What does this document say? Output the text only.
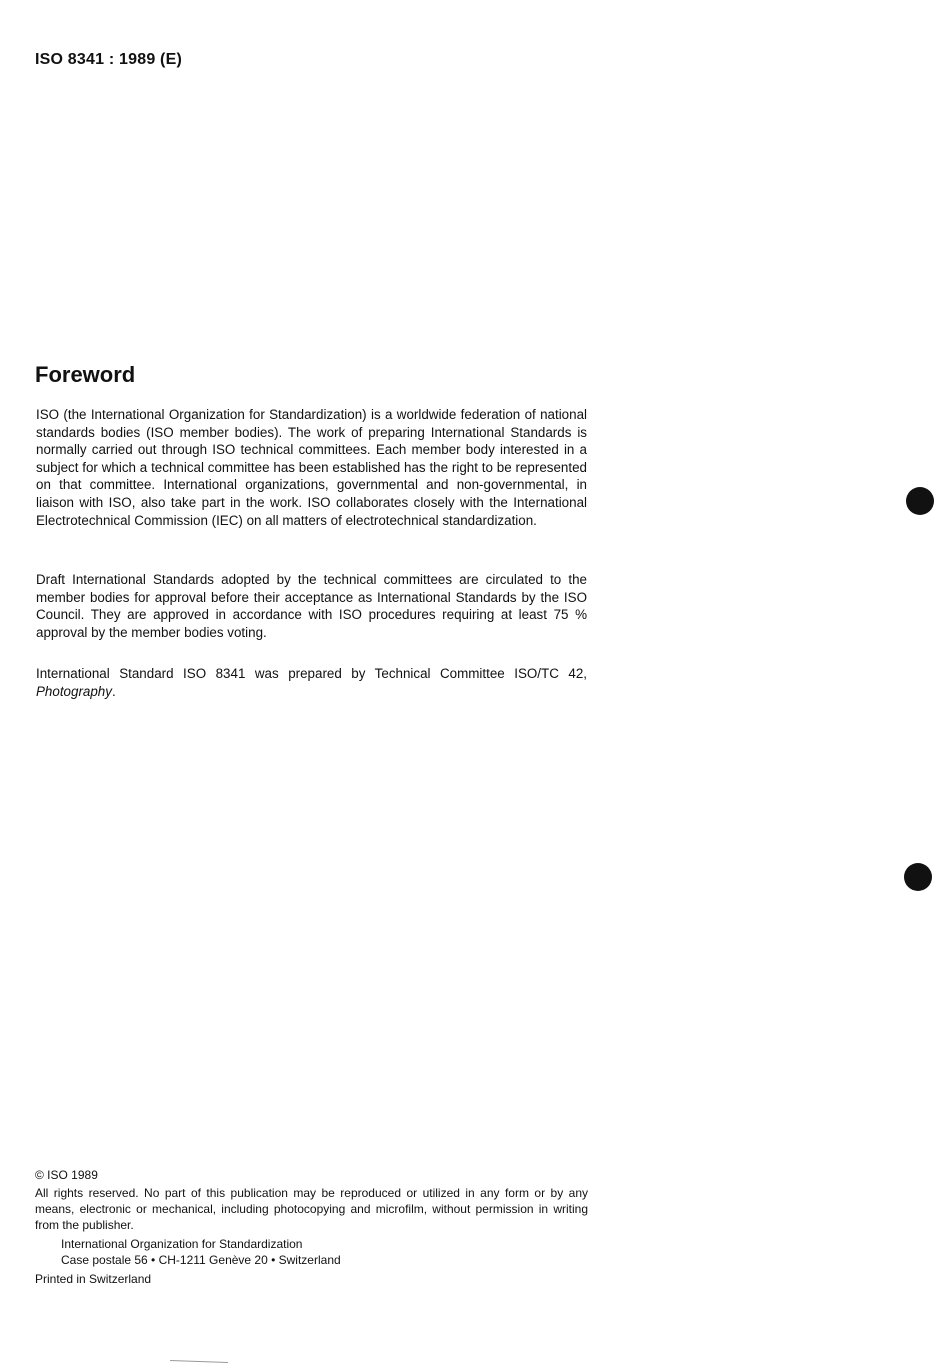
ISO 8341 : 1989 (E)
Foreword

ISO (the International Organization for Standardization) is a worldwide federation of national standards bodies (ISO member bodies). The work of preparing International Standards is normally carried out through ISO technical committees. Each member body interested in a subject for which a technical committee has been established has the right to be represented on that committee. International organizations, governmental and non-governmental, in liaison with ISO, also take part in the work. ISO collaborates closely with the International Electrotechnical Commission (IEC) on all matters of electrotechnical standardization.

Draft International Standards adopted by the technical committees are circulated to the member bodies for approval before their acceptance as International Standards by the ISO Council. They are approved in accordance with ISO procedures requiring at least 75 % approval by the member bodies voting.

International Standard ISO 8341 was prepared by Technical Committee ISO/TC 42, Photography.

© ISO 1989

All rights reserved. No part of this publication may be reproduced or utilized in any form or by any means, electronic or mechanical, including photocopying and microfilm, without permission in writing from the publisher.

International Organization for Standardization
Case postale 56 • CH-1211 Genève 20 • Switzerland

Printed in Switzerland
